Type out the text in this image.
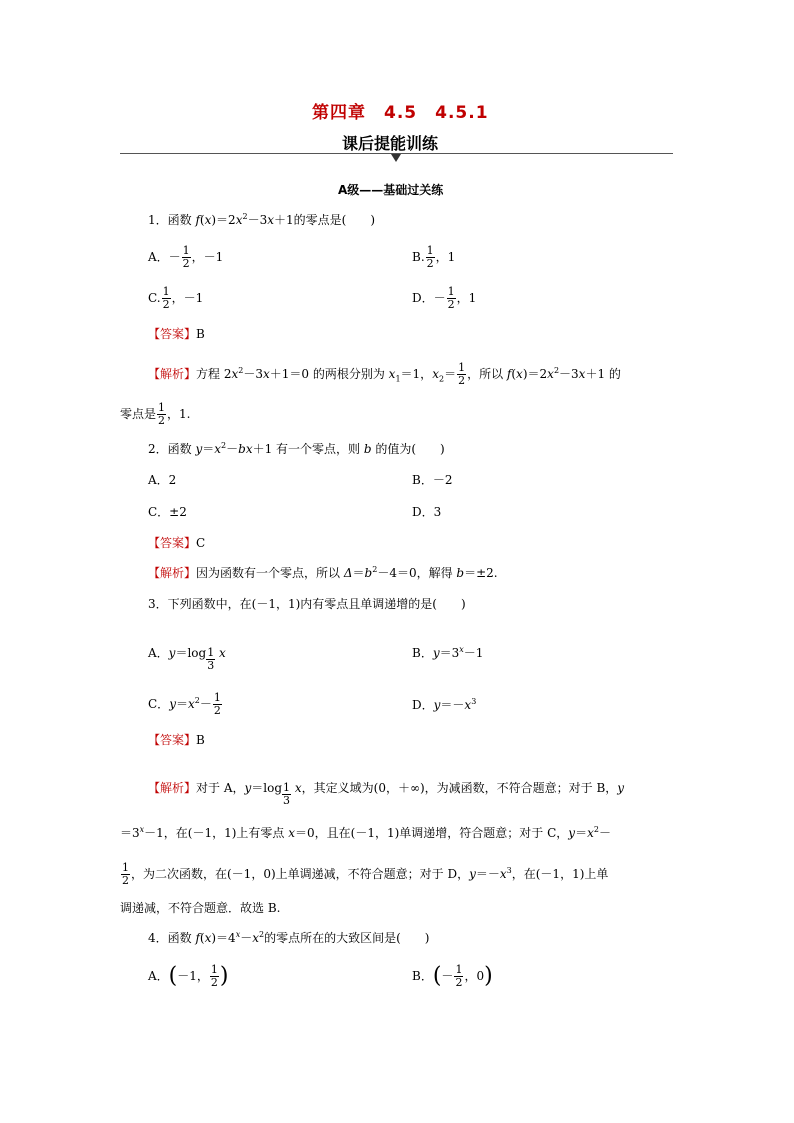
第四章　4.5　4.5.1
课后提能训练
A级——基础过关练
1．函数 $f(x)=2x^2-3x+1$的零点是(　　)
A．－ $\frac{1}{2}$ ，－1	B. $\frac{1}{2}$ ，1
C. $\frac{1}{2}$ ，－1	D．－ $\frac{1}{2}$ ，1
【答案】B
【解析】方程 $2x^2-3x+1=0$ 的两根分别为 $x_1=1$，$x_2= \frac{1}{2}$ ，所以 $f(x)=2x^2-3x+1$ 的
零点是 $\frac{1}{2}$ ，1.
2．函数 $y=x^2-bx+1$ 有一个零点，则 b 的值为(　　)
A．2	B．－2
C．±2	D．3
【答案】C
【解析】因为函数有一个零点，所以 $\Delta=b^2-4=0$，解得 b＝±2.
3．下列函数中，在(－1，1)内有零点且单调递增的是(　　)
A．$y=\log \frac{1}{3}$ x	B．$y=3^x-1$
C．$y=x^2- \frac{1}{2}$	D．$y=-x^3$
【答案】B
【解析】对于 A，$y=\log \frac{1}{3}$ x，其定义域为(0，＋∞)，为减函数，不符合题意；对于 B，y
$=3^x-1$，在(－1，1)上有零点 x＝0，且在(－1，1)单调递增，符合题意；对于 C，$y=x^2-$
$\frac{1}{2}$ ，为二次函数，在(－1，0)上单调递减，不符合题意；对于 D，$y=-x^3$，在(－1，1)上单
调递减，不符合题意．故选 B.
4．函数 $f(x)=4^x-x^2$的零点所在的大致区间是(　　)
A．(－1， $\frac{1}{2}$ )	B．(－ $\frac{1}{2}$ ，0)
